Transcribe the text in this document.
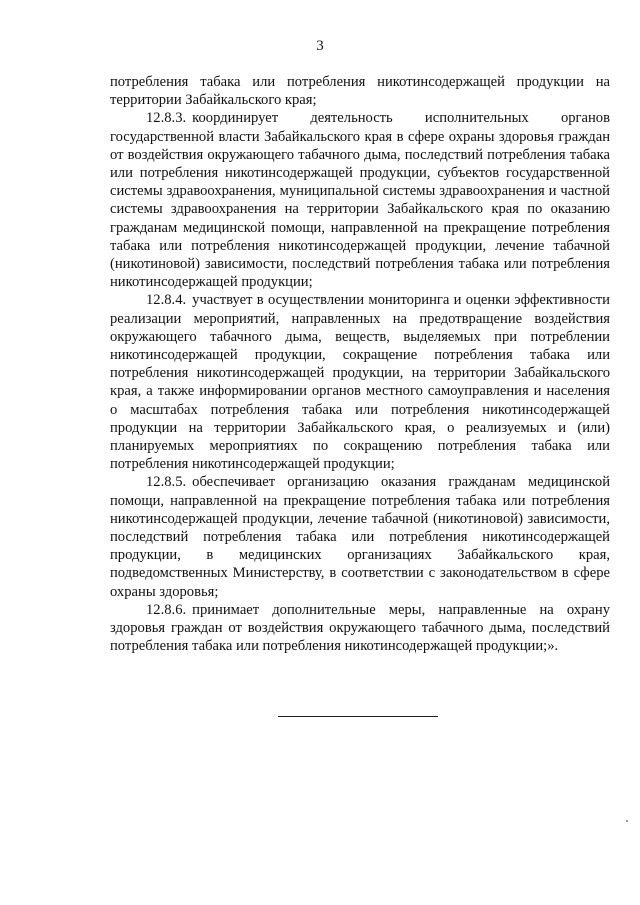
3

потребления табака или потребления никотинсодержащей продукции на территории Забайкальского края;

12.8.3. координирует деятельность исполнительных органов государственной власти Забайкальского края в сфере охраны здоровья граждан от воздействия окружающего табачного дыма, последствий потребления табака или потребления никотинсодержащей продукции, субъектов государственной системы здравоохранения, муниципальной системы здравоохранения и частной системы здравоохранения на территории Забайкальского края по оказанию гражданам медицинской помощи, направленной на прекращение потребления табака или потребления никотинсодержащей продукции, лечение табачной (никотиновой) зависимости, последствий потребления табака или потребления никотинсодержащей продукции;

12.8.4. участвует в осуществлении мониторинга и оценки эффективности реализации мероприятий, направленных на предотвращение воздействия окружающего табачного дыма, веществ, выделяемых при потреблении никотинсодержащей продукции, сокращение потребления табака или потребления никотинсодержащей продукции, на территории Забайкальского края, а также информировании органов местного самоуправления и населения о масштабах потребления табака или потребления никотинсодержащей продукции на территории Забайкальского края, о реализуемых и (или) планируемых мероприятиях по сокращению потребления табака или потребления никотинсодержащей продукции;

12.8.5. обеспечивает организацию оказания гражданам медицинской помощи, направленной на прекращение потребления табака или потребления никотинсодержащей продукции, лечение табачной (никотиновой) зависимости, последствий потребления табака или потребления никотинсодержащей продукции, в медицинских организациях Забайкальского края, подведомственных Министерству, в соответствии с законодательством в сфере охраны здоровья;

12.8.6. принимает дополнительные меры, направленные на охрану здоровья граждан от воздействия окружающего табачного дыма, последствий потребления табака или потребления никотинсодержащей продукции;».
